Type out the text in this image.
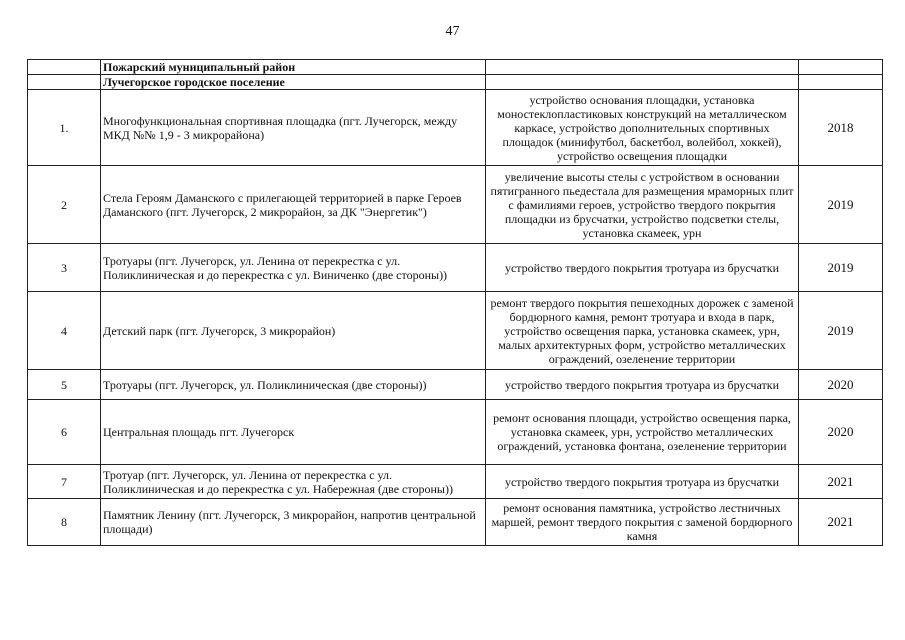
47
	Пожарский муниципальный район		
	Лучегорское городское поселение		
1.	Многофункциональная спортивная площадка (пгт. Лучегорск, между МКД №№ 1,9 - 3 микрорайона)	устройство основания площадки, установка моностеклопластиковых конструкций на металлическом каркасе, устройство дополнительных спортивных площадок (минифутбол, баскетбол, волейбол, хоккей), устройство освещения площадки	2018
2	Стела Героям Даманского с прилегающей территорией в парке Героев Даманского (пгт. Лучегорск, 2 микрорайон, за ДК "Энергетик")	увеличение высоты стелы с устройством в основании пятигранного пьедестала для размещения мраморных плит с фамилиями героев, устройство твердого покрытия площадки из брусчатки, устройство подсветки стелы, установка скамеек, урн	2019
3	Тротуары (пгт. Лучегорск, ул. Ленина от перекрестка с ул. Поликлиническая и до перекрестка с ул. Виниченко (две стороны))	устройство твердого покрытия тротуара из брусчатки	2019
4	Детский парк (пгт. Лучегорск, 3 микрорайон)	ремонт твердого покрытия пешеходных дорожек с заменой бордюрного камня, ремонт тротуара и входа в парк, устройство освещения парка, установка скамеек, урн, малых архитектурных форм, устройство металлических ограждений, озеленение территории	2019
5	Тротуары (пгт. Лучегорск, ул. Поликлиническая (две стороны))	устройство твердого покрытия тротуара из брусчатки	2020
6	Центральная площадь пгт. Лучегорск	ремонт основания площади, устройство освещения парка, установка скамеек, урн, устройство металлических ограждений, установка фонтана, озеленение территории	2020
7	Тротуар (пгт. Лучегорск, ул. Ленина от перекрестка с ул. Поликлиническая и до перекрестка с ул. Набережная (две стороны))	устройство твердого покрытия тротуара из брусчатки	2021
8	Памятник Ленину (пгт. Лучегорск, 3 микрорайон, напротив центральной площади)	ремонт основания памятника, устройство лестничных маршей, ремонт твердого покрытия с заменой бордюрного камня	2021
